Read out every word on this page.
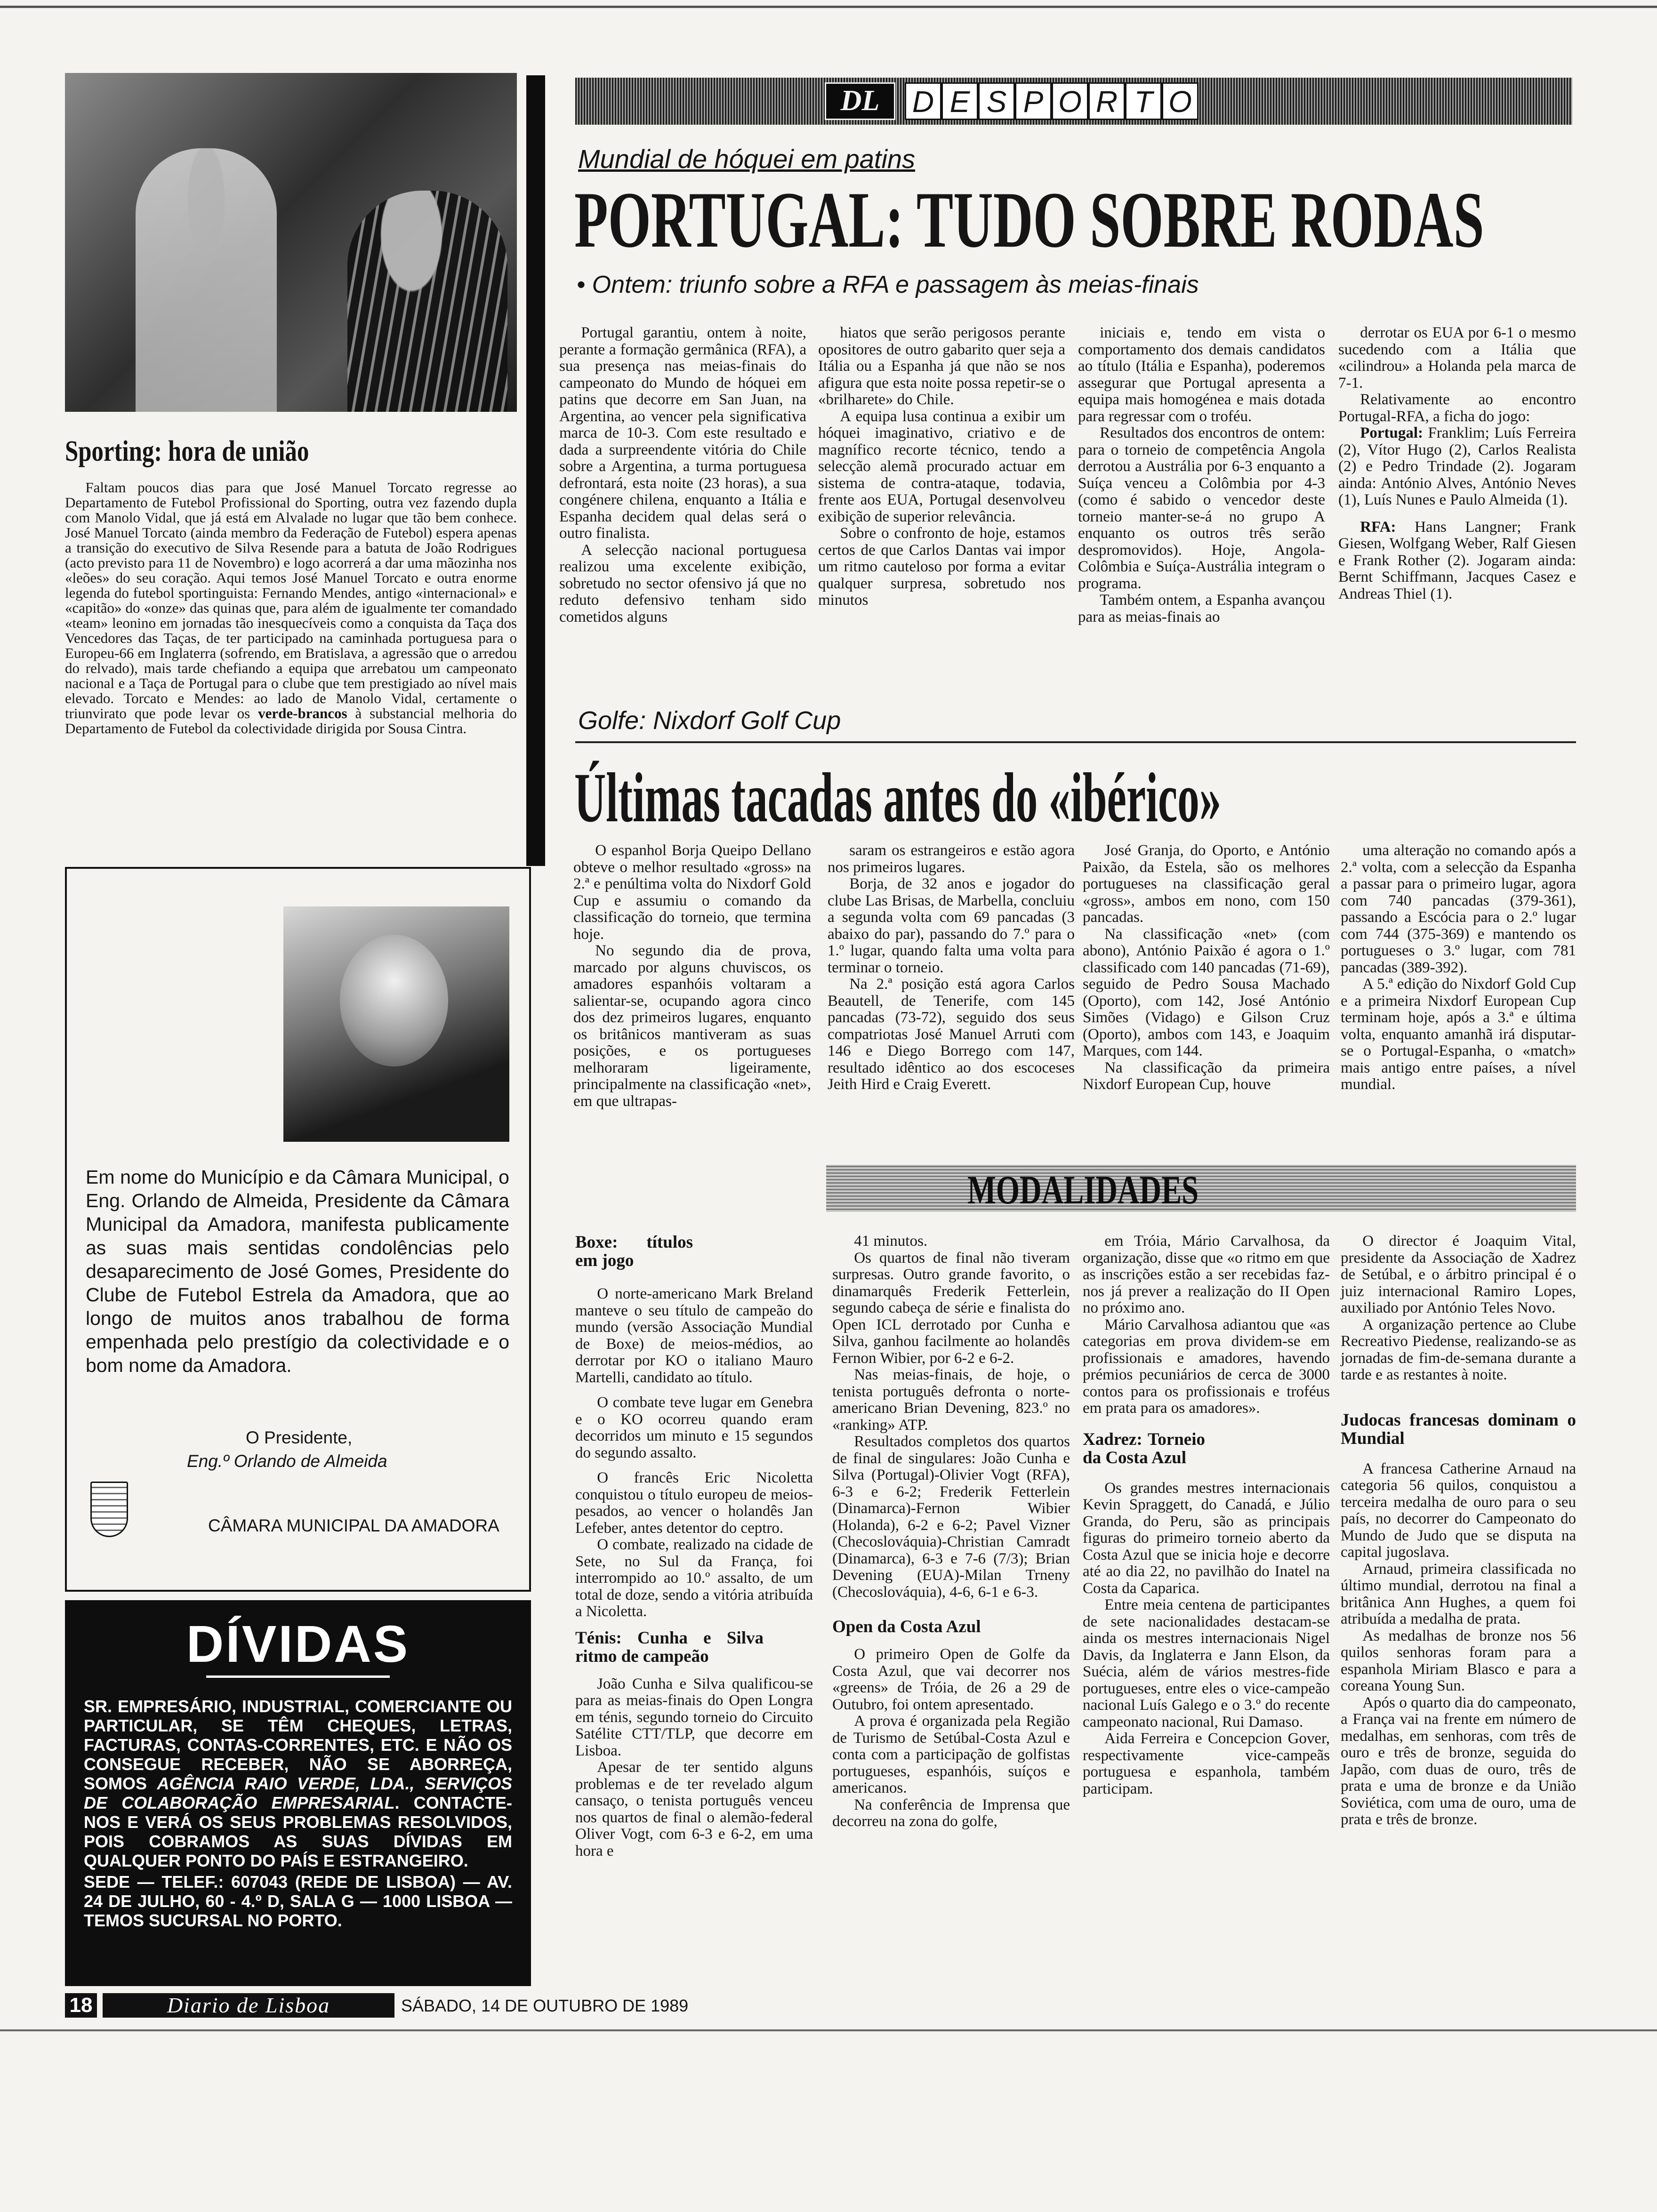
Sporting: hora de união
Faltam poucos dias para que José Manuel Torcato regresse ao Departamento de Futebol Profissional do Sporting, outra vez fazendo dupla com Manolo Vidal, que já está em Alvalade no lugar que tão bem conhece. José Manuel Torcato (ainda membro da Federação de Futebol) espera apenas a transição do executivo de Silva Resende para a batuta de João Rodrigues (acto previsto para 11 de Novembro) e logo acorrerá a dar uma mãozinha nos «leões» do seu coração. Aqui temos José Manuel Torcato e outra enorme legenda do futebol sportinguista: Fernando Mendes, antigo «internacional» e «capitão» do «onze» das quinas que, para além de igualmente ter comandado «team» leonino em jornadas tão inesquecíveis como a conquista da Taça dos Vencedores das Taças, de ter participado na caminhada portuguesa para o Europeu-66 em Inglaterra (sofrendo, em Bratislava, a agressão que o arredou do relvado), mais tarde chefiando a equipa que arrebatou um campeonato nacional e a Taça de Portugal para o clube que tem prestigiado ao nível mais elevado. Torcato e Mendes: ao lado de Manolo Vidal, certamente o triunvirato que pode levar os verde-brancos à substancial melhoria do Departamento de Futebol da colectividade dirigida por Sousa Cintra.
Em nome do Município e da Câmara Municipal, o Eng. Orlando de Almeida, Presidente da Câmara Municipal da Amadora, manifesta publicamente as suas mais sentidas condolências pelo desaparecimento de José Gomes, Presidente do Clube de Futebol Estrela da Amadora, que ao longo de muitos anos trabalhou de forma empenhada pelo prestígio da colectividade e o bom nome da Amadora.
O Presidente,
Eng.º Orlando de Almeida
CÂMARA MUNICIPAL DA AMADORA
DÍVIDAS
SR. EMPRESÁRIO, INDUSTRIAL, COMERCIANTE OU PARTICULAR, SE TÊM CHEQUES, LETRAS, FACTURAS, CONTAS-CORRENTES, ETC. E NÃO OS CONSEGUE RECEBER, NÃO SE ABORREÇA, SOMOS AGÊNCIA RAIO VERDE, LDA., SERVIÇOS DE COLABORAÇÃO EMPRESARIAL. CONTACTE-NOS E VERÁ OS SEUS PROBLEMAS RESOLVIDOS, POIS COBRAMOS AS SUAS DÍVIDAS EM QUALQUER PONTO DO PAÍS E ESTRANGEIRO.
SEDE — TELEF.: 607043 (REDE DE LISBOA) — AV. 24 DE JULHO, 60 - 4.º D, SALA G — 1000 LISBOA — TEMOS SUCURSAL NO PORTO.
DL	D E S P O R T O
Mundial de hóquei em patins
PORTUGAL: TUDO SOBRE RODAS
• Ontem: triunfo sobre a RFA e passagem às meias-finais

Portugal garantiu, ontem à noite, perante a formação germânica (RFA), a sua presença nas meias-finais do campeonato do Mundo de hóquei em patins que decorre em San Juan, na Argentina, ao vencer pela significativa marca de 10-3. Com este resultado e dada a surpreendente vitória do Chile sobre a Argentina, a turma portuguesa defrontará, esta noite (23 horas), a sua congénere chilena, enquanto a Itália e Espanha decidem qual delas será o outro finalista.

A selecção nacional portuguesa realizou uma excelente exibição, sobretudo no sector ofensivo já que no reduto defensivo tenham sido cometidos alguns

hiatos que serão perigosos perante opositores de outro gabarito quer seja a Itália ou a Espanha já que não se nos afigura que esta noite possa repetir-se o «brilharete» do Chile.

A equipa lusa continua a exibir um hóquei imaginativo, criativo e de magnífico recorte técnico, tendo a selecção alemã procurado actuar em sistema de contra-ataque, todavia, frente aos EUA, Portugal desenvolveu exibição de superior relevância.

Sobre o confronto de hoje, estamos certos de que Carlos Dantas vai impor um ritmo cauteloso por forma a evitar qualquer surpresa, sobretudo nos minutos

iniciais e, tendo em vista o comportamento dos demais candidatos ao título (Itália e Espanha), poderemos assegurar que Portugal apresenta a equipa mais homogénea e mais dotada para regressar com o troféu.

Resultados dos encontros de ontem: para o torneio de competência Angola derrotou a Austrália por 6-3 enquanto a Suíça venceu a Colômbia por 4-3 (como é sabido o vencedor deste torneio manter-se-á no grupo A enquanto os outros três serão despromovidos). Hoje, Angola-Colômbia e Suíça-Austrália integram o programa.

Também ontem, a Espanha avançou para as meias-finais ao

derrotar os EUA por 6-1 o mesmo sucedendo com a Itália que «cilindrou» a Holanda pela marca de 7-1.

Relativamente ao encontro Portugal-RFA, a ficha do jogo:

Portugal: Franklim; Luís Ferreira (2), Vítor Hugo (2), Carlos Realista (2) e Pedro Trindade (2). Jogaram ainda: António Alves, António Neves (1), Luís Nunes e Paulo Almeida (1).

RFA: Hans Langner; Frank Giesen, Wolfgang Weber, Ralf Giesen e Frank Rother (2). Jogaram ainda: Bernt Schiffmann, Jacques Casez e Andreas Thiel (1).

Golfe: Nixdorf Golf Cup
Últimas tacadas antes do «ibérico»

O espanhol Borja Queipo Dellano obteve o melhor resultado «gross» na 2.ª e penúltima volta do Nixdorf Gold Cup e assumiu o comando da classificação do torneio, que termina hoje.

No segundo dia de prova, marcado por alguns chuviscos, os amadores espanhóis voltaram a salientar-se, ocupando agora cinco dos dez primeiros lugares, enquanto os britânicos mantiveram as suas posições, e os portugueses melhoraram ligeiramente, principalmente na classificação «net», em que ultrapas-

saram os estrangeiros e estão agora nos primeiros lugares.

Borja, de 32 anos e jogador do clube Las Brisas, de Marbella, concluiu a segunda volta com 69 pancadas (3 abaixo do par), passando do 7.º para o 1.º lugar, quando falta uma volta para terminar o torneio.

Na 2.ª posição está agora Carlos Beautell, de Tenerife, com 145 pancadas (73-72), seguido dos seus compatriotas José Manuel Arruti com 146 e Diego Borrego com 147, resultado idêntico ao dos escoceses Jeith Hird e Craig Everett.

José Granja, do Oporto, e António Paixão, da Estela, são os melhores portugueses na classificação geral «gross», ambos em nono, com 150 pancadas.

Na classificação «net» (com abono), António Paixão é agora o 1.º classificado com 140 pancadas (71-69), seguido de Pedro Sousa Machado (Oporto), com 142, José António Simões (Vidago) e Gilson Cruz (Oporto), ambos com 143, e Joaquim Marques, com 144.

Na classificação da primeira Nixdorf European Cup, houve

uma alteração no comando após a 2.ª volta, com a selecção da Espanha a passar para o primeiro lugar, agora com 740 pancadas (379-361), passando a Escócia para o 2.º lugar com 744 (375-369) e mantendo os portugueses o 3.º lugar, com 781 pancadas (389-392).

A 5.ª edição do Nixdorf Gold Cup e a primeira Nixdorf European Cup terminam hoje, após a 3.ª e última volta, enquanto amanhã irá disputar-se o Portugal-Espanha, o «match» mais antigo entre países, a nível mundial.

MODALIDADES
Boxe: títulos em jogo

O norte-americano Mark Breland manteve o seu título de campeão do mundo (versão Associação Mundial de Boxe) de meios-médios, ao derrotar por KO o italiano Mauro Martelli, candidato ao título.

O combate teve lugar em Genebra e o KO ocorreu quando eram decorridos um minuto e 15 segundos do segundo assalto.

O francês Eric Nicoletta conquistou o título europeu de meios-pesados, ao vencer o holandês Jan Lefeber, antes detentor do ceptro.

O combate, realizado na cidade de Sete, no Sul da França, foi interrompido ao 10.º assalto, de um total de doze, sendo a vitória atribuída a Nicoletta.

Ténis: Cunha e Silva ritmo de campeão

João Cunha e Silva qualificou-se para as meias-finais do Open Longra em ténis, segundo torneio do Circuito Satélite CTT/TLP, que decorre em Lisboa.

Apesar de ter sentido alguns problemas e de ter revelado algum cansaço, o tenista português venceu nos quartos de final o alemão-federal Oliver Vogt, com 6-3 e 6-2, em uma hora e

41 minutos.

Os quartos de final não tiveram surpresas. Outro grande favorito, o dinamarquês Frederik Fetterlein, segundo cabeça de série e finalista do Open ICL derrotado por Cunha e Silva, ganhou facilmente ao holandês Fernon Wibier, por 6-2 e 6-2.

Nas meias-finais, de hoje, o tenista português defronta o norte-americano Brian Devening, 823.º no «ranking» ATP.

Resultados completos dos quartos de final de singulares: João Cunha e Silva (Portugal)-Olivier Vogt (RFA), 6-3 e 6-2; Frederik Fetterlein (Dinamarca)-Fernon Wibier (Holanda), 6-2 e 6-2; Pavel Vizner (Checoslováquia)-Christian Camradt (Dinamarca), 6-3 e 7-6 (7/3); Brian Devening (EUA)-Milan Trneny (Checoslováquia), 4-6, 6-1 e 6-3.

Open da Costa Azul

O primeiro Open de Golfe da Costa Azul, que vai decorrer nos «greens» de Tróia, de 26 a 29 de Outubro, foi ontem apresentado.

A prova é organizada pela Região de Turismo de Setúbal-Costa Azul e conta com a participação de golfistas portugueses, espanhóis, suíços e americanos.

Na conferência de Imprensa que decorreu na zona do golfe,

em Tróia, Mário Carvalhosa, da organização, disse que «o ritmo em que as inscrições estão a ser recebidas faz-nos já prever a realização do II Open no próximo ano.

Mário Carvalhosa adiantou que «as categorias em prova dividem-se em profissionais e amadores, havendo prémios pecuniários de cerca de 3000 contos para os profissionais e troféus em prata para os amadores».

Xadrez: Torneio da Costa Azul

Os grandes mestres internacionais Kevin Spraggett, do Canadá, e Júlio Granda, do Peru, são as principais figuras do primeiro torneio aberto da Costa Azul que se inicia hoje e decorre até ao dia 22, no pavilhão do Inatel na Costa da Caparica.

Entre meia centena de participantes de sete nacionalidades destacam-se ainda os mestres internacionais Nigel Davis, da Inglaterra e Jann Elson, da Suécia, além de vários mestres-fide portugueses, entre eles o vice-campeão nacional Luís Galego e o 3.º do recente campeonato nacional, Rui Damaso.

Aida Ferreira e Concepcion Gover, respectivamente vice-campeãs portuguesa e espanhola, também participam.

O director é Joaquim Vital, presidente da Associação de Xadrez de Setúbal, e o árbitro principal é o juiz internacional Ramiro Lopes, auxiliado por António Teles Novo.

A organização pertence ao Clube Recreativo Piedense, realizando-se as jornadas de fim-de-semana durante a tarde e as restantes à noite.

Judocas francesas dominam o Mundial

A francesa Catherine Arnaud na categoria 56 quilos, conquistou a terceira medalha de ouro para o seu país, no decorrer do Campeonato do Mundo de Judo que se disputa na capital jugoslava.

Arnaud, primeira classificada no último mundial, derrotou na final a britânica Ann Hughes, a quem foi atribuída a medalha de prata.

As medalhas de bronze nos 56 quilos senhoras foram para a espanhola Miriam Blasco e para a coreana Young Sun.

Após o quarto dia do campeonato, a França vai na frente em número de medalhas, em senhoras, com três de ouro e três de bronze, seguida do Japão, com duas de ouro, três de prata e uma de bronze e da União Soviética, com uma de ouro, uma de prata e três de bronze.

18	Diario de Lisboa	SÁBADO, 14 DE OUTUBRO DE 1989
